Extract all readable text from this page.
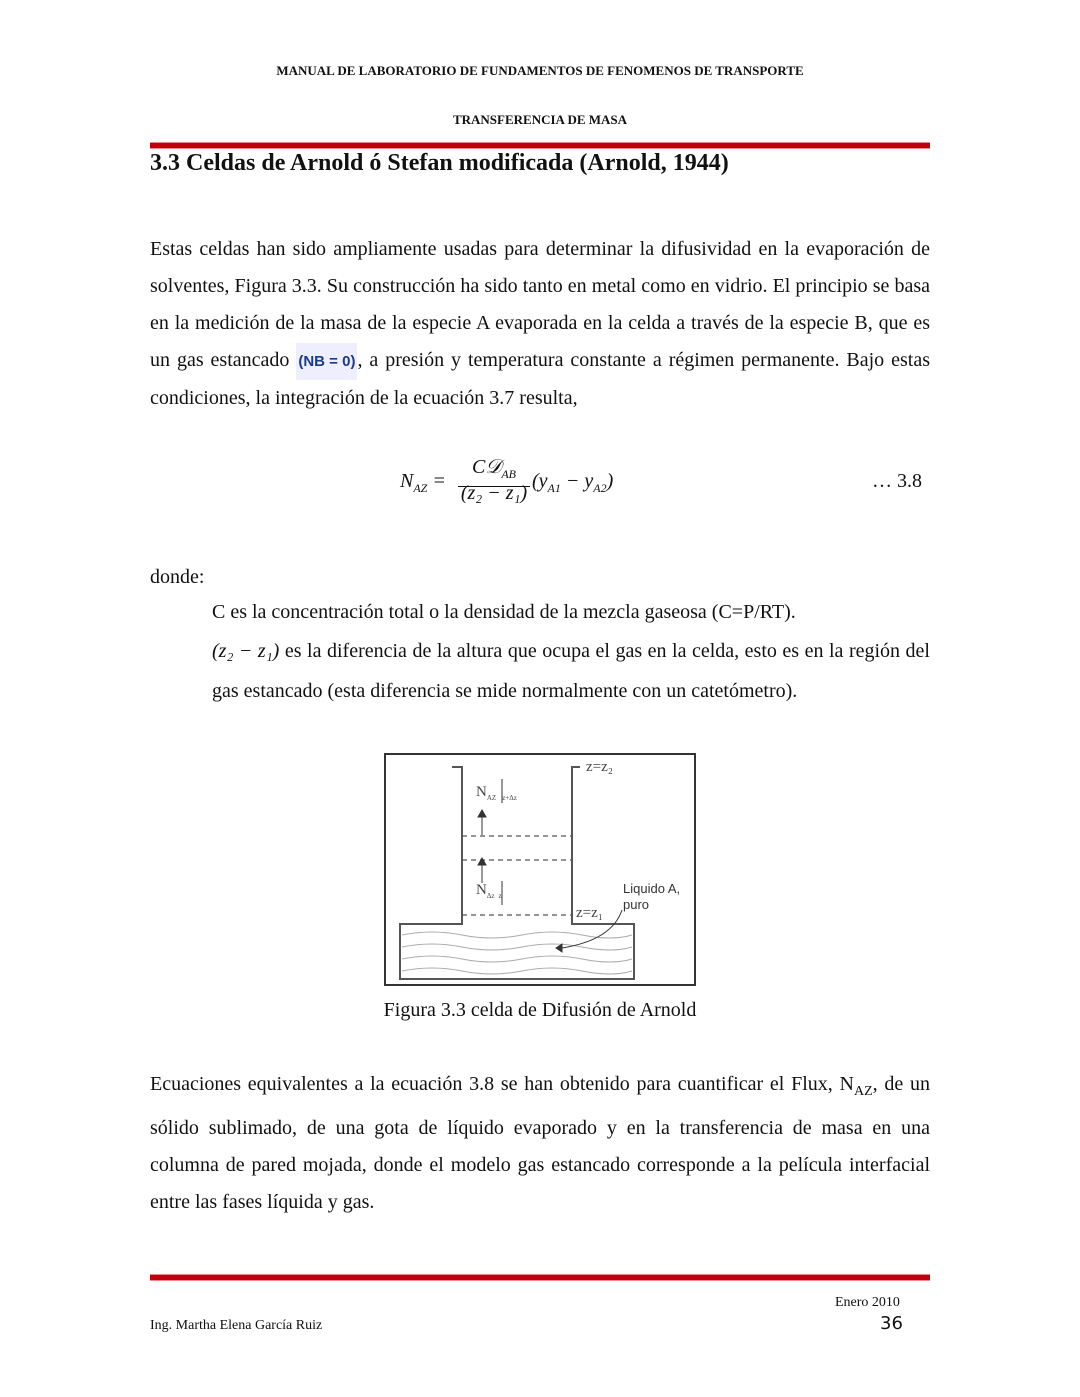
MANUAL DE LABORATORIO DE FUNDAMENTOS DE FENOMENOS DE TRANSPORTE
TRANSFERENCIA DE MASA
3.3 Celdas de Arnold ó Stefan modificada (Arnold, 1944)

Estas celdas han sido ampliamente usadas para determinar la difusividad en la evaporación de solventes, Figura 3.3. Su construcción ha sido tanto en metal como en vidrio. El principio se basa en la medición de la masa de la especie A evaporada en la celda a través de la especie B, que es un gas estancado (NB = 0) , a presión y temperatura constante a régimen permanente. Bajo estas condiciones, la integración de la ecuación 3.7 resulta,

$N_{AZ}$ =
C𝒟$_{AB}$
(z₂ − z₁)
$(y_{A1} - y_{A2})$	… 3.8
donde:
C es la concentración total o la densidad de la mezcla gaseosa (C=P/RT).
(z₂ − z₁) es la diferencia de la altura que ocupa el gas en la celda, esto es en la región del gas estancado (esta diferencia se mide normalmente con un catetómetro).
z=z₂
z=z₁
$N_{AZ}$ $_{z+\Delta z}$
$N_{\Delta z}$ $_z$	Liquido A,
puro
Figura 3.3 celda de Difusión de Arnold

Ecuaciones equivalentes a la ecuación 3.8 se han obtenido para cuantificar el Flux, $N_{AZ}$, de un sólido sublimado, de una gota de líquido evaporado y en la transferencia de masa en una columna de pared mojada, donde el modelo gas estancado corresponde a la película interfacial entre las fases líquida y gas.

Enero 2010
Ing. Martha Elena García Ruiz	36
